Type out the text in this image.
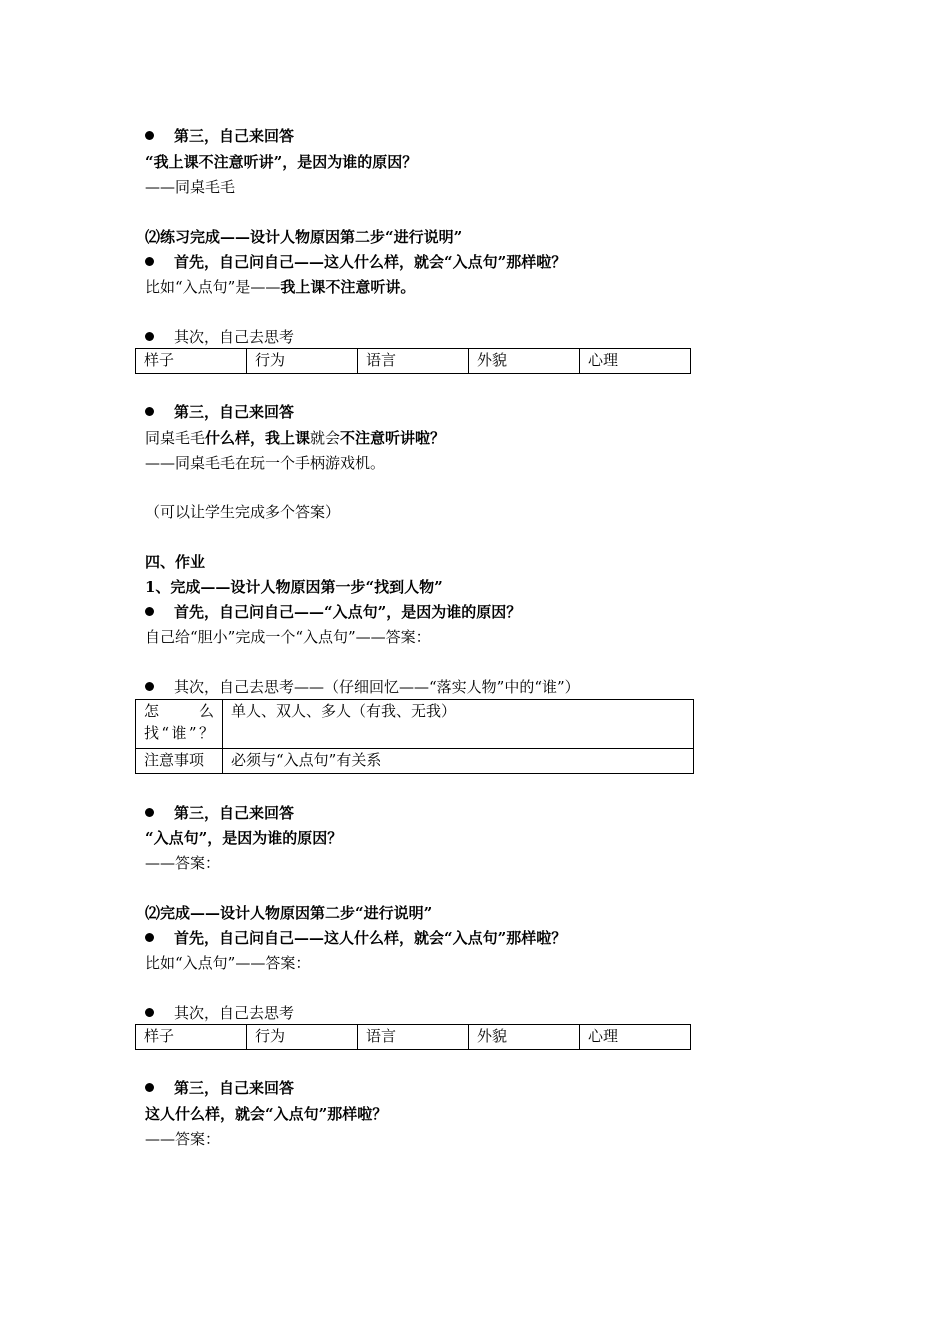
第三，自己来回答
“我上课不注意听讲”，是因为谁的原因？
——同桌毛毛
⑵练习完成——设计人物原因第二步“进行说明”
首先，自己问自己——这人什么样，就会“入点句”那样啦？
比如“入点句”是——我上课不注意听讲。
其次，自己去思考
样子	行为	语言	外貌	心理
第三，自己来回答
同桌毛毛什么样，我上课就会不注意听讲啦？
——同桌毛毛在玩一个手柄游戏机。
（可以让学生完成多个答案）
四、作业
1、完成——设计人物原因第一步“找到人物”
首先，自己问自己——“入点句”，是因为谁的原因？
自己给“胆小”完成一个“入点句”——答案：
其次，自己去思考——（仔细回忆——“落实人物”中的“谁”）
怎么找“谁”？	单人、双人、多人（有我、无我）
注意事项	必须与“入点句”有关系
第三，自己来回答
“入点句”，是因为谁的原因？
——答案：
⑵完成——设计人物原因第二步“进行说明”
首先，自己问自己——这人什么样，就会“入点句”那样啦？
比如“入点句”——答案：
其次，自己去思考
样子	行为	语言	外貌	心理
第三，自己来回答
这人什么样，就会“入点句”那样啦？
——答案：
